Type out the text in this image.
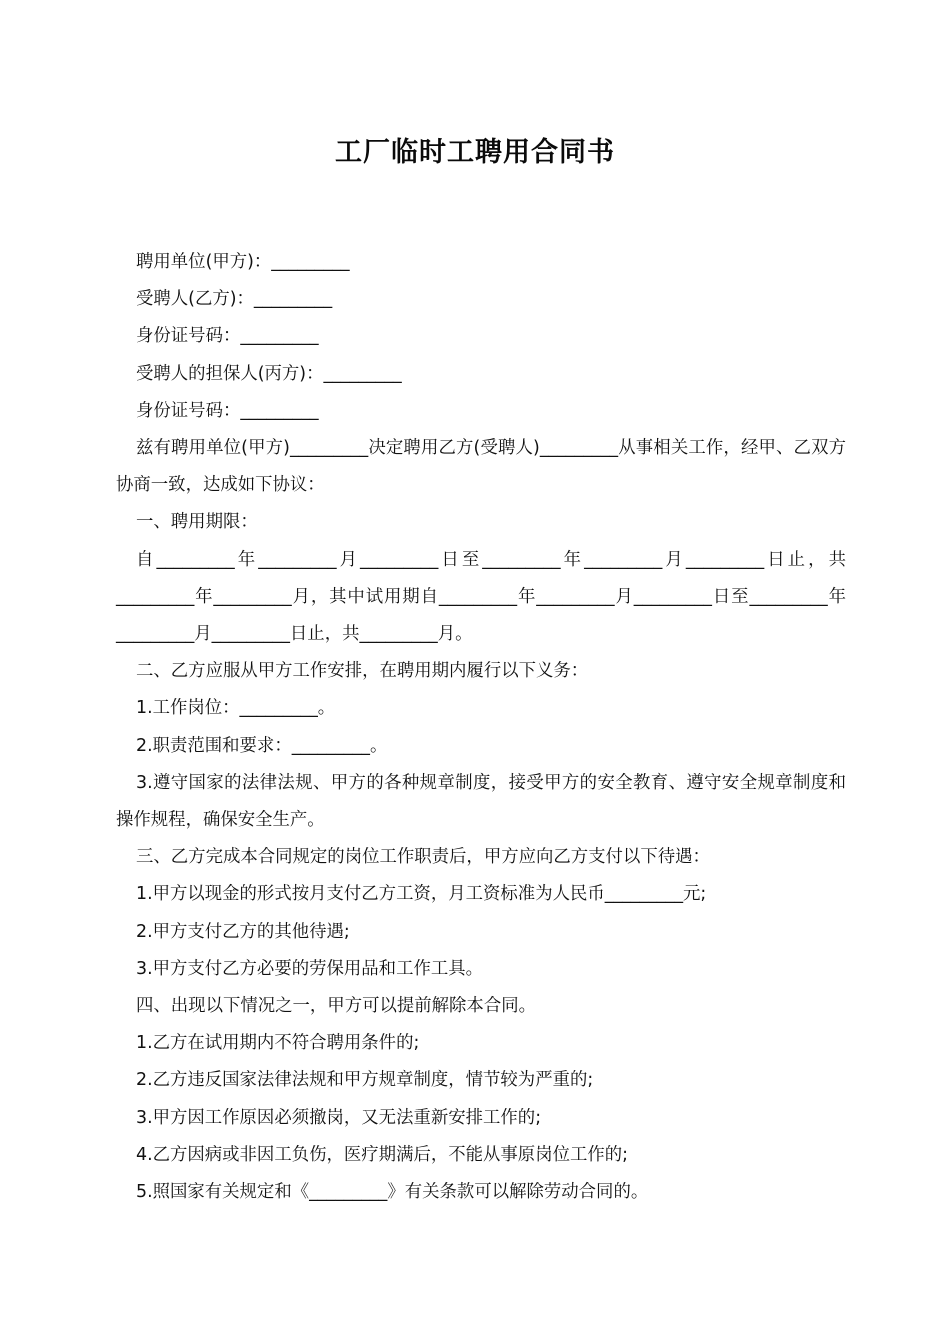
工厂临时工聘用合同书

聘用单位(甲方)：_________

受聘人(乙方)：_________

身份证号码：_________

受聘人的担保人(丙方)：_________

身份证号码：_________

兹有聘用单位(甲方)_________决定聘用乙方(受聘人)_________从事相关工作，经甲、乙双方协商一致，达成如下协议：

一、聘用期限：

自_________年_________月_________日至_________年_________月_________日止，共_________年_________月，其中试用期自_________年_________月_________日至_________年_________月_________日止，共_________月。

二、乙方应服从甲方工作安排，在聘用期内履行以下义务：

1.工作岗位：_________。

2.职责范围和要求：_________。

3.遵守国家的法律法规、甲方的各种规章制度，接受甲方的安全教育、遵守安全规章制度和操作规程，确保安全生产。

三、乙方完成本合同规定的岗位工作职责后，甲方应向乙方支付以下待遇：

1.甲方以现金的形式按月支付乙方工资，月工资标准为人民币_________元;

2.甲方支付乙方的其他待遇;

3.甲方支付乙方必要的劳保用品和工作工具。

四、出现以下情况之一，甲方可以提前解除本合同。

1.乙方在试用期内不符合聘用条件的;

2.乙方违反国家法律法规和甲方规章制度，情节较为严重的;

3.甲方因工作原因必须撤岗，又无法重新安排工作的;

4.乙方因病或非因工负伤，医疗期满后，不能从事原岗位工作的;

5.照国家有关规定和《_________》有关条款可以解除劳动合同的。
